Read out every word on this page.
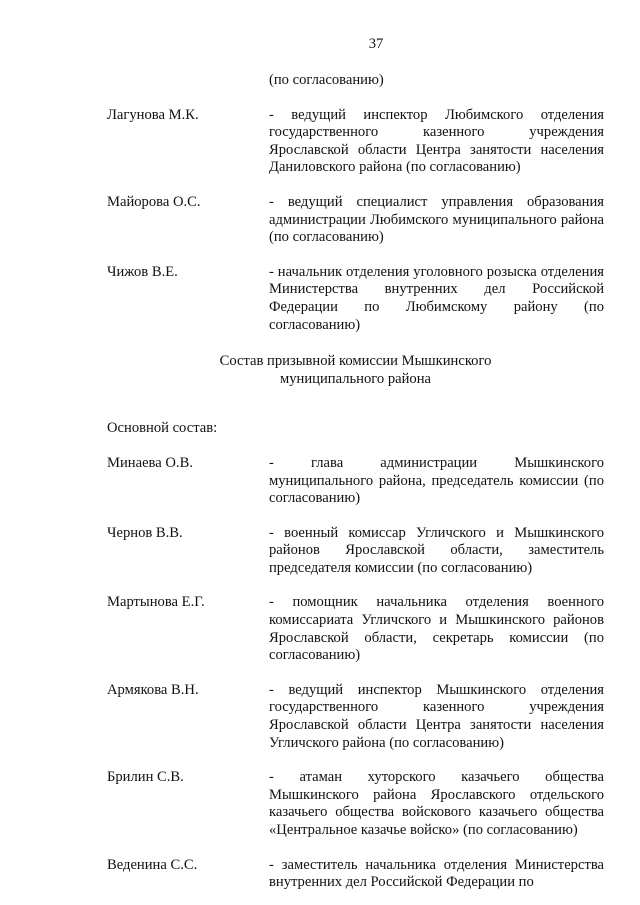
37
(по согласованию)
Лагунова М.К.	- ведущий инспектор Любимского отделения государственного казенного учреждения Ярославской области Центра занятости населения Даниловского района (по согласованию)
Майорова О.С.	- ведущий специалист управления образования администрации Любимского муниципального района (по согласованию)
Чижов В.Е.	- начальник отделения уголовного розыска отделения Министерства внутренних дел Российской Федерации по Любимскому району (по согласованию)
Состав призывной комиссии Мышкинского
муниципального района
Основной состав:
Минаева О.В.	- глава администрации Мышкинского муниципального района, председатель комиссии (по согласованию)
Чернов В.В.	- военный комиссар Угличского и Мышкинского районов Ярославской области, заместитель председателя комиссии (по согласованию)
Мартынова Е.Г.	- помощник начальника отделения военного комиссариата Угличского и Мышкинского районов Ярославской области, секретарь комиссии (по согласованию)
Армякова В.Н.	- ведущий инспектор Мышкинского отделения государственного казенного учреждения Ярославской области Центра занятости населения Угличского района (по согласованию)
Брилин С.В.	- атаман хуторского казачьего общества Мышкинского района Ярославского отдельского казачьего общества войскового казачьего общества «Центральное казачье войско» (по согласованию)
Веденина С.С.	- заместитель начальника отделения Министерства внутренних дел Российской Федерации по
